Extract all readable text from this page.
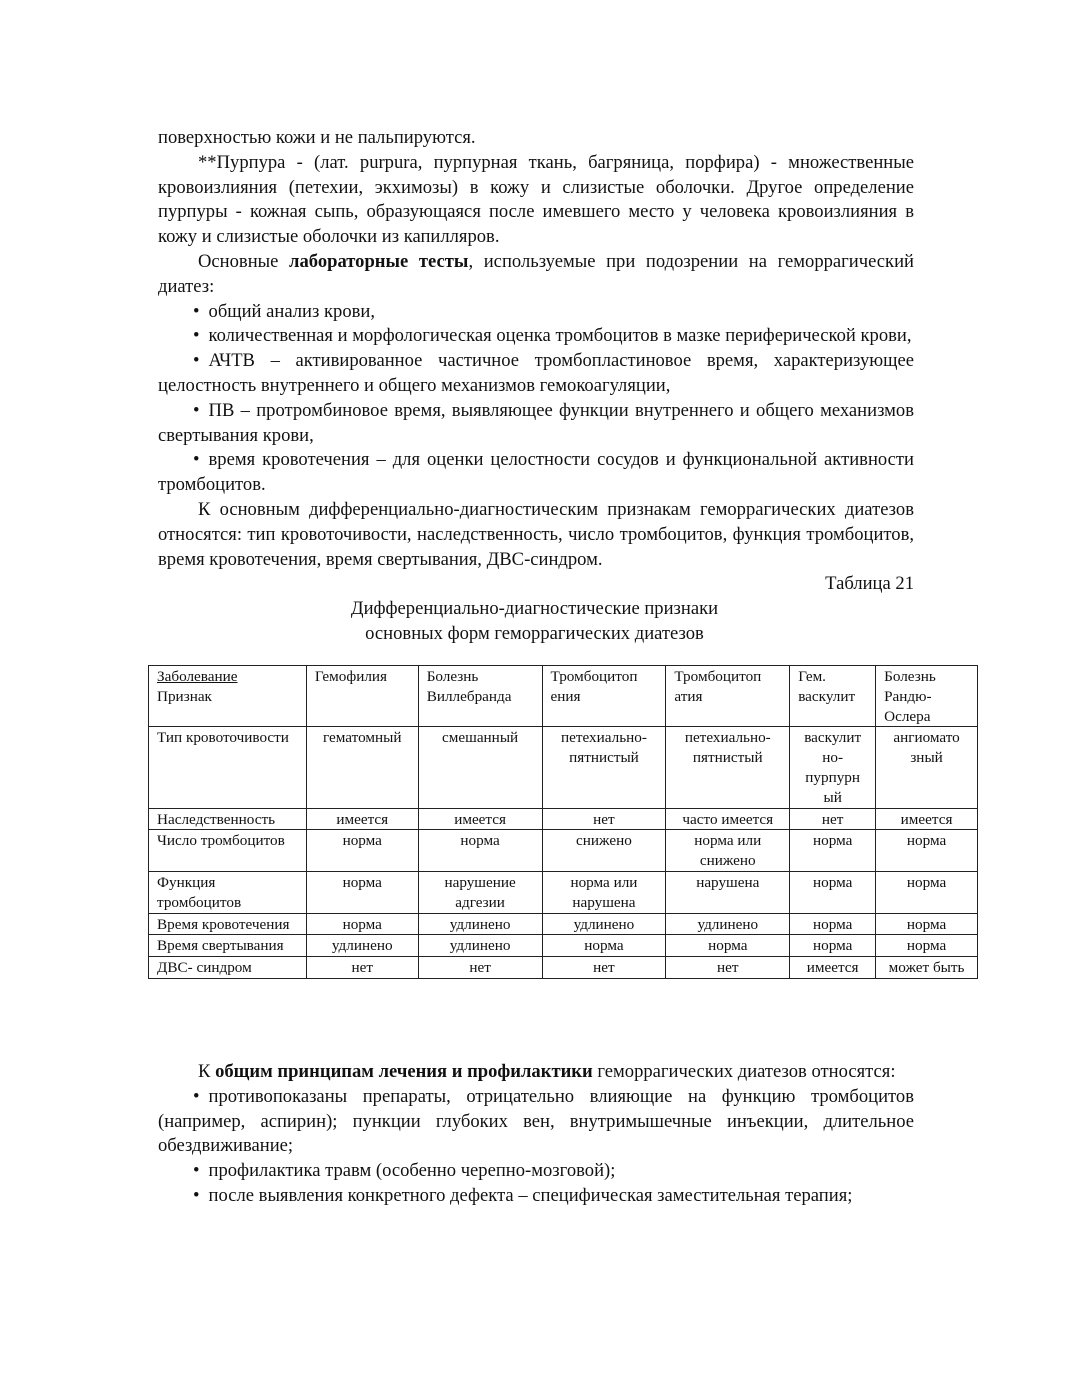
поверхностью кожи и не пальпируются.

**Пурпура - (лат. purpura, пурпурная ткань, багряница, порфира) - множественные кровоизлияния (петехии, экхимозы) в кожу и слизистые оболочки. Другое определение пурпуры - кожная сыпь, образующаяся после имевшего место у человека кровоизлияния в кожу и слизистые оболочки из капилляров.

Основные лабораторные тесты, используемые при подозрении на геморрагический диатез:

• общий анализ крови,

• количественная и морфологическая оценка тромбоцитов в мазке периферической крови,

• АЧТВ – активированное частичное тромбопластиновое время, характеризующее целостность внутреннего и общего механизмов гемокоагуляции,

• ПВ – протромбиновое время, выявляющее функции внутреннего и общего механизмов свертывания крови,

• время кровотечения – для оценки целостности сосудов и функциональной активности тромбоцитов.

К основным дифференциально-диагностическим признакам геморрагических диатезов относятся: тип кровоточивости, наследственность, число тромбоцитов, функция тромбоцитов, время кровотечения, время свертывания, ДВС-синдром.

Таблица 21

Дифференциально-диагностические признаки

основных форм геморрагических диатезов

Заболевание
Признак	Гемофилия	Болезнь Виллебранда	Тромбоцитоп ения	Тромбоцитоп атия	Гем. васкулит	Болезнь Рандю-Ослера
Тип кровоточивости	гематомный	смешанный	петехиально-пятнистый	петехиально-пятнистый	васкулит но-пурпурн ый	ангиомато зный
Наследственность	имеется	имеется	нет	часто имеется	нет	имеется
Число тромбоцитов	норма	норма	снижено	норма или снижено	норма	норма
Функция тромбоцитов	норма	нарушение адгезии	норма или нарушена	нарушена	норма	норма
Время кровотечения	норма	удлинено	удлинено	удлинено	норма	норма
Время свертывания	удлинено	удлинено	норма	норма	норма	норма
ДВС- синдром	нет	нет	нет	нет	имеется	может быть

К общим принципам лечения и профилактики геморрагических диатезов относятся:

• противопоказаны препараты, отрицательно влияющие на функцию тромбоцитов (например, аспирин); пункции глубоких вен, внутримышечные инъекции, длительное обездвиживание;

• профилактика травм (особенно черепно-мозговой);

• после выявления конкретного дефекта – специфическая заместительная терапия;
